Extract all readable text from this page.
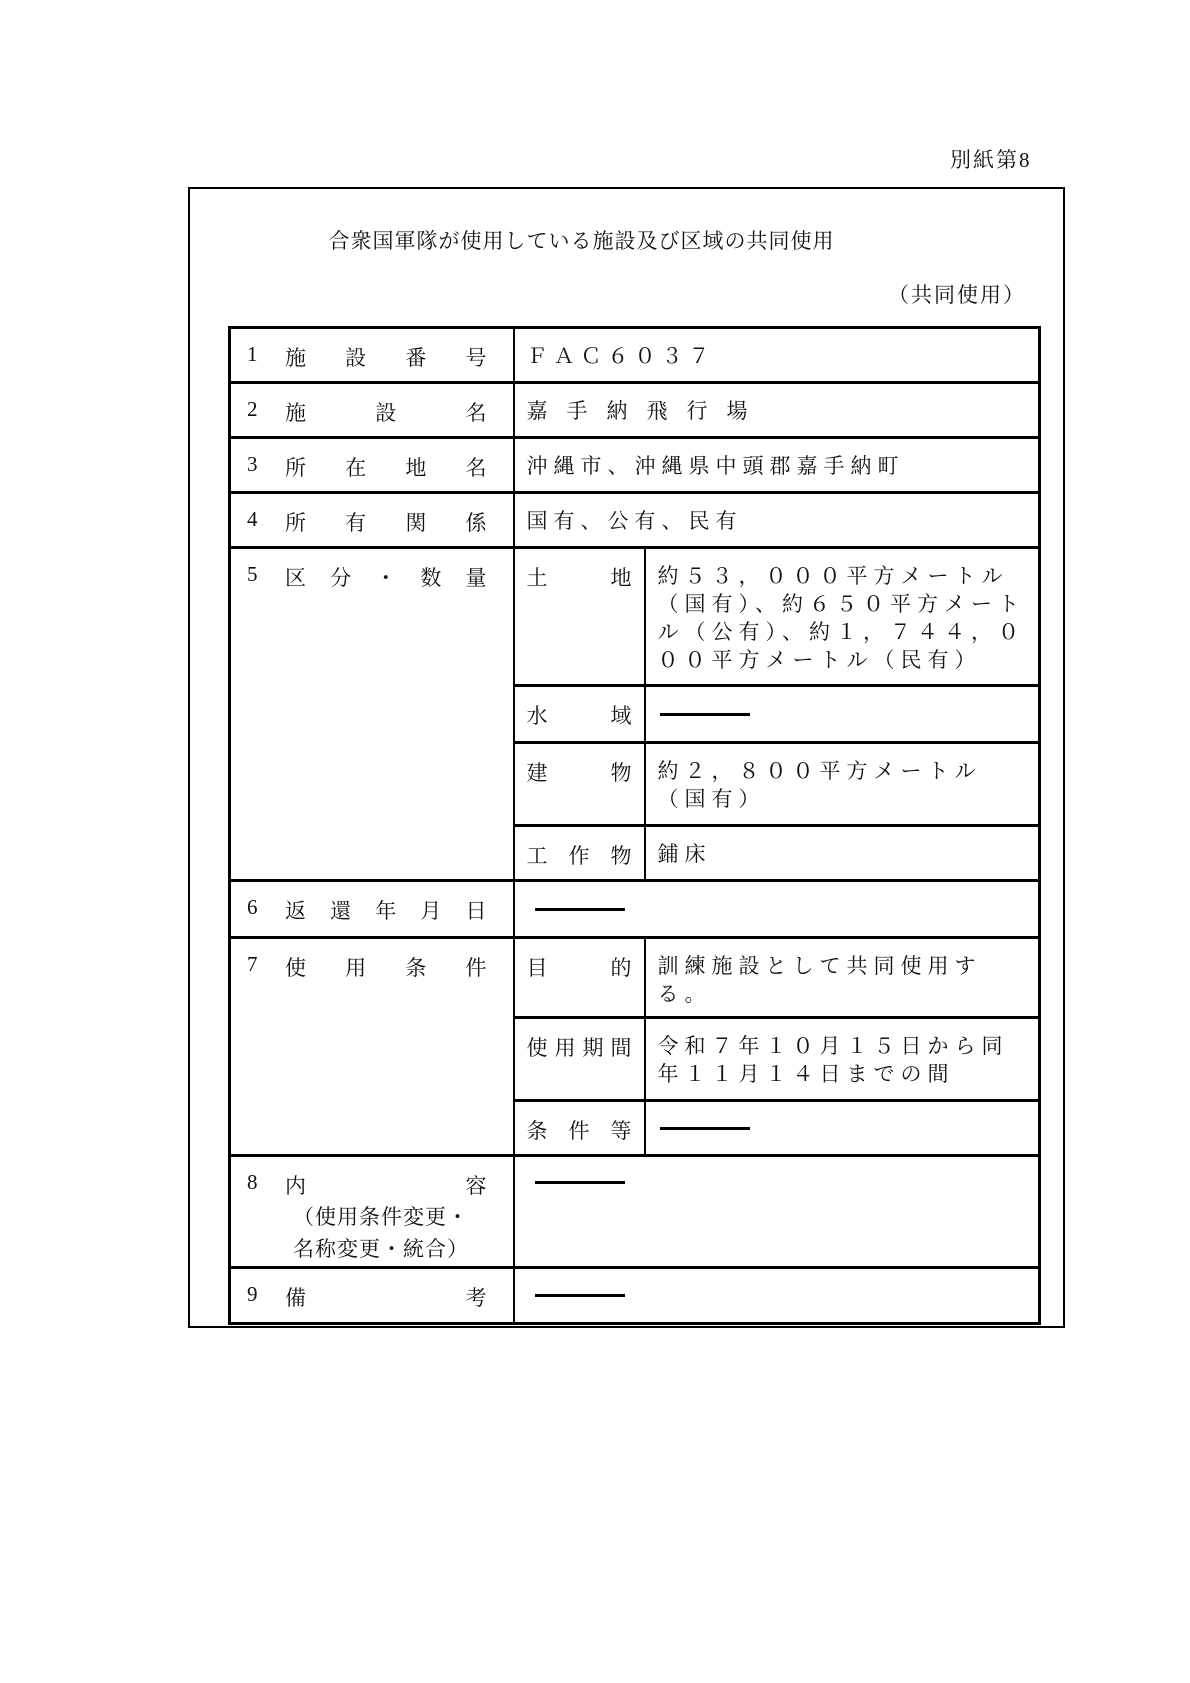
別紙第8
合衆国軍隊が使用している施設及び区域の共同使用
（共同使用）
1 施設番号	ＦＡＣ６０３７	

2 施設名	嘉手納飛行場	

3 所在地名	沖縄市、沖縄県中頭郡嘉手納町	

4 所有関係	国有、公有、民有	

5 区分・数量	土地	約５３，０００平方メートル（国有）、約６５０平方メートル（公有）、約１，７４４，０００平方メートル（民有）
	水域	

	建物	約２，８００平方メートル（国有）
	工作物	鋪床

6 返還年月日		

7 使用条件	目的	訓練施設として共同使用する。
	使用期間	令和７年１０月１５日から同年１１月１４日までの間
	条件等	

8 内容
（使用条件変更・
名称変更・統合）		

9 備考		
